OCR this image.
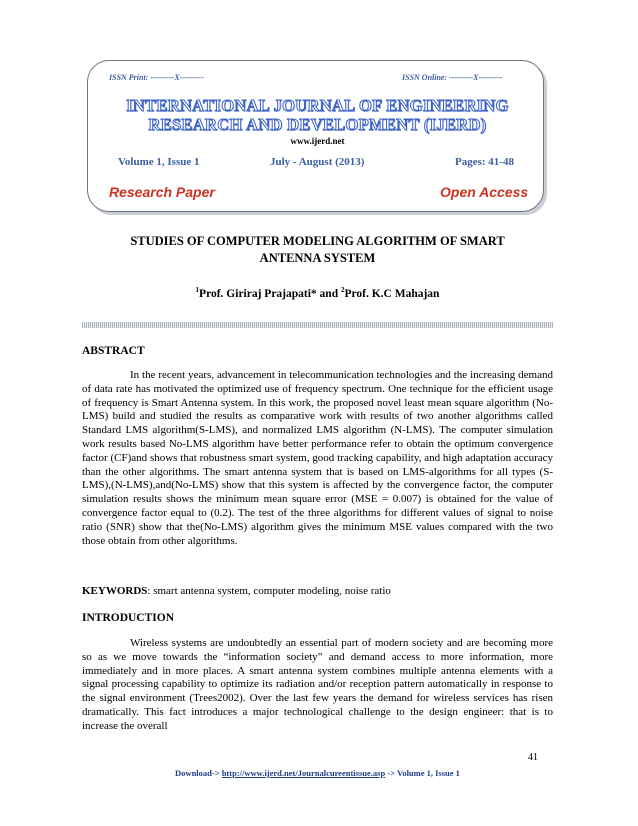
ISSN Print: ---------X---------	ISSN Online: ---------X---------
INTERNATIONAL JOURNAL OF ENGINEERING
RESEARCH AND DEVELOPMENT (IJERD)
www.ijerd.net
Volume 1, Issue 1	July - August (2013)	Pages: 41-48
Research Paper	Open Access
STUDIES OF COMPUTER MODELING ALGORITHM OF SMART
ANTENNA SYSTEM
$^1$Prof. Giriraj Prajapati* and $^2$Prof. K.C Mahajan
ABSTRACT
In the recent years, advancement in telecommunication technologies and the increasing demand of data rate has motivated the optimized use of frequency spectrum. One technique for the efficient usage of frequency is Smart Antenna system. In this work, the proposed novel least mean square algorithm (No-LMS) build and studied the results as comparative work with results of two another algorithms called Standard LMS algorithm(S-LMS), and normalized LMS algorithm (N-LMS). The computer simulation work results based No-LMS algorithm have better performance refer to obtain the optimum convergence factor (CF)and shows that robustness smart system, good tracking capability, and high adaptation accuracy than the other algorithms. The smart antenna system that is based on LMS-algorithms for all types (S-LMS),(N-LMS),and(No-LMS) show that this system is affected by the convergence factor, the computer simulation results shows the minimum mean square error (MSE = 0.007) is obtained for the value of convergence factor equal to (0.2). The test of the three algorithms for different values of signal to noise ratio (SNR) show that the(No-LMS) algorithm gives the minimum MSE values compared with the two those obtain from other algorithms.
KEYWORDS: smart antenna system, computer modeling, noise ratio
INTRODUCTION
Wireless systems are undoubtedly an essential part of modern society and are becoming more so as we move towards the “information society” and demand access to more information, more immediately and in more places. A smart antenna system combines multiple antenna elements with a signal processing capability to optimize its radiation and/or reception pattern automatically in response to the signal environment (Trees2002). Over the last few years the demand for wireless services has risen dramatically. This fact introduces a major technological challenge to the design engineer: that is to increase the overall
41
Download-> http://www.ijerd.net/Journalcureentissue.asp -> Volume 1, Issue 1
